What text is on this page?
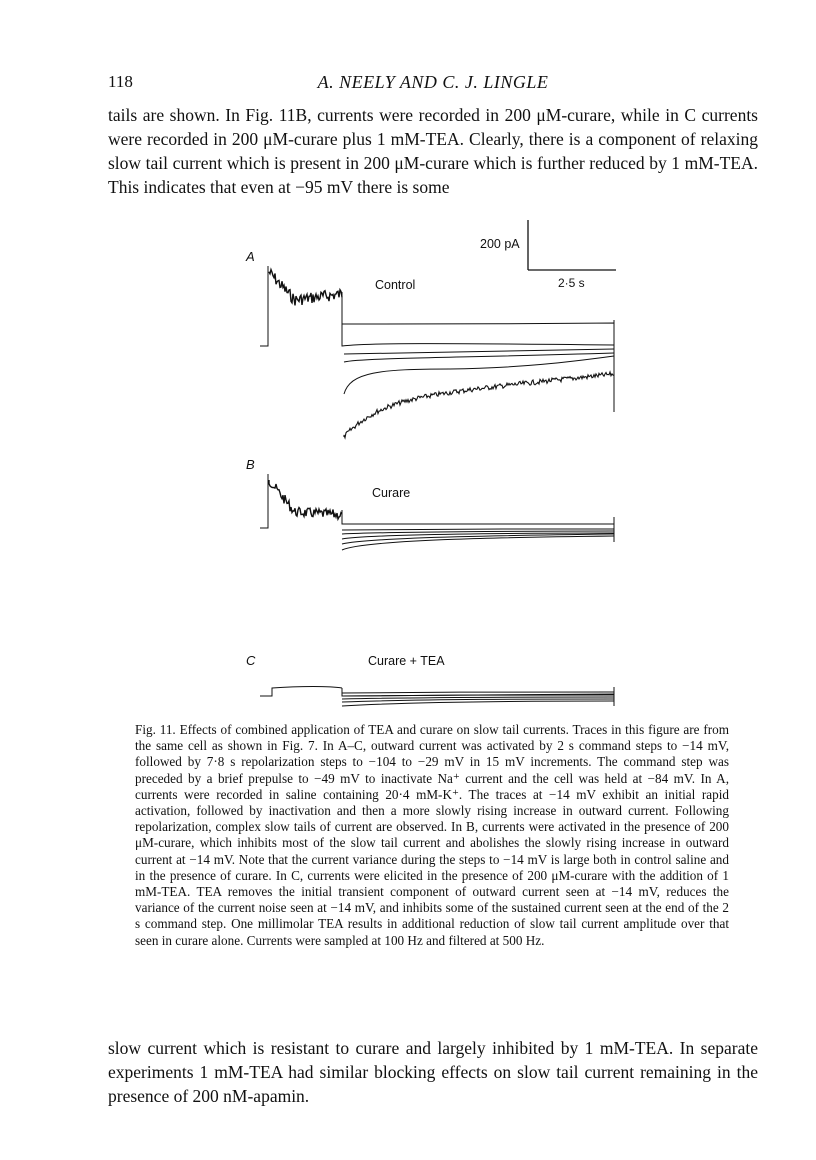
118	A. NEELY AND C. J. LINGLE

tails are shown. In Fig. 11B, currents were recorded in 200 μM-curare, while in C currents were recorded in 200 μM-curare plus 1 mM-TEA. Clearly, there is a component of relaxing slow tail current which is present in 200 μM-curare which is further reduced by 1 mM-TEA. This indicates that even at −95 mV there is some

200 pA
2·5 s
A
Control
B
Curare
C	Curare + TEA

Fig. 11. Effects of combined application of TEA and curare on slow tail currents. Traces in this figure are from the same cell as shown in Fig. 7. In A–C, outward current was activated by 2 s command steps to −14 mV, followed by 7·8 s repolarization steps to −104 to −29 mV in 15 mV increments. The command step was preceded by a brief prepulse to −49 mV to inactivate Na⁺ current and the cell was held at −84 mV. In A, currents were recorded in saline containing 20·4 mM-K⁺. The traces at −14 mV exhibit an initial rapid activation, followed by inactivation and then a more slowly rising increase in outward current. Following repolarization, complex slow tails of current are observed. In B, currents were activated in the presence of 200 μM-curare, which inhibits most of the slow tail current and abolishes the slowly rising increase in outward current at −14 mV. Note that the current variance during the steps to −14 mV is large both in control saline and in the presence of curare. In C, currents were elicited in the presence of 200 μM-curare with the addition of 1 mM-TEA. TEA removes the initial transient component of outward current seen at −14 mV, reduces the variance of the current noise seen at −14 mV, and inhibits some of the sustained current seen at the end of the 2 s command step. One millimolar TEA results in additional reduction of slow tail current amplitude over that seen in curare alone. Currents were sampled at 100 Hz and filtered at 500 Hz.

slow current which is resistant to curare and largely inhibited by 1 mM-TEA. In separate experiments 1 mM-TEA had similar blocking effects on slow tail current remaining in the presence of 200 nM-apamin.
